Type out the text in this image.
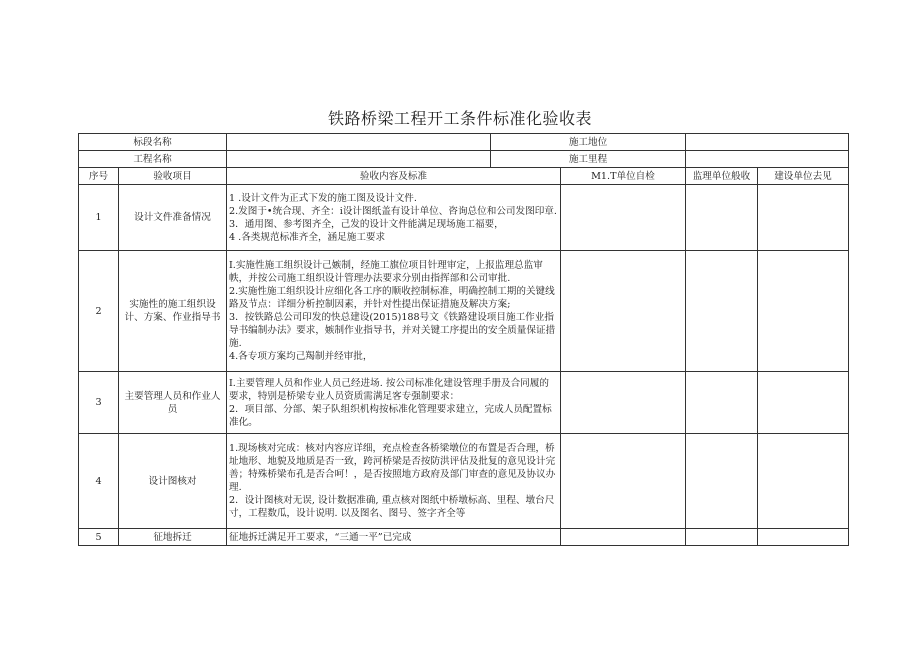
铁路桥梁工程开工条件标准化验收表
标段名称			施工地位			
工程名称			施工里程			
序号	验收项目	验收内容及标准		M1.T单位自检	监理单位般收	建设单位去见
1	设计文件准备情况	1 .设计文件为正式下发的施工图及设计文件.
2.发图于•统合现、齐全：i设计图纸盖有设计单位、咨询总位和公司发图印章.
3．通用图、参考图齐全，己发的设计文件能满足现场施工福要，
4 .各类规范标准齐全，涵足施工要求				

2	实施性的施工组织设计、方案、作业指导书	I.实施性施工组织设计己嫉制，经施工旗位项目针理审定，上报监理总监审帙，并按公司施工组织设计管理办法要求分别由指挥部和公司审批.
2.实施性施工组织设计应细化各工序的顺收控制标准，明确控制工期的关键线路及节点：详细分析控制因素，并针对性提出保证措施及解决方案;
3．按铁路总公司印发的快总建设(2015)188号文《铁路建设项目施工作业指导书编制办法》要求，嫉制作业指导书，并对关键工序提出的安全质量保证措施.
4.各专项方案均己羯制并经审批，				

3	主要管理人员和作业人员	I.主要管理人员和作业人员己经进场. 按公司标准化建设管理手册及合同履的要求，特别是桥梁专业人员资质需满足客专强制要求：
2．项目部、分部、架子队组织机构按标准化管理要求建立，完成人员配置标准化。				

4	设计图核对	1.现场核对完成：核对内容应详细，充点检查各桥梁墩位的布置是否合理，桥址地形、地貌及地质是否一致，跨河桥梁是否按防洪评估及批复的意见设计完善；特殊桥梁布孔是否合呵！，是否按照地方政府及部门审查的意见及协议办理.
2．设计图核对无误, 设计数据准确, 重点核对图纸中桥墩标高、里程、墩台尺寸，工程数瓜，设计说明. 以及图名、图号、签字齐全等				

5	征地拆迁	征地拆迁满足开工要求，“三通一平”已完成				
